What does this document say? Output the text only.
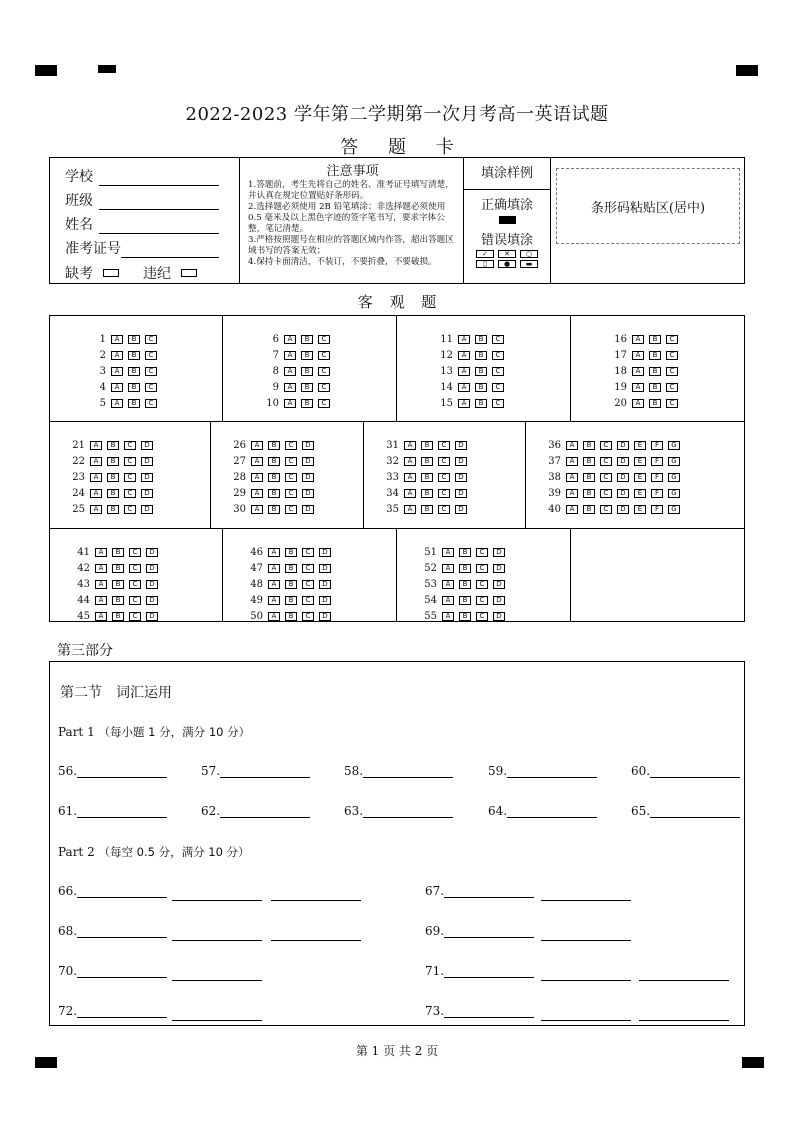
2022-2023 学年第二学期第一次月考高一英语试题
答 题 卡
学校
班级
姓名
准考证号
缺考	违纪
注意事项
1.答题前，考生先将自己的姓名、准考证号填写清楚，并认真在规定位置贴好条形码。
2.选择题必须使用 2B 铅笔填涂；非选择题必须使用 0.5 毫米及以上黑色字迹的签字笔书写，要求字体公整，笔记清楚。
3.严格按照题号在相应的答题区域内作答，超出答题区域书写的答案无效；
4.保持卡面清洁，不装订，不要折叠，不要破损。
填涂样例
正确填涂
错误填涂
✓	✕	○
▯	●	▬
条形码粘贴区(居中)
客 观 题
1	A	B	C
2	A	B	C
3	A	B	C
4	A	B	C
5	A	B	C
6	A	B	C
7	A	B	C
8	A	B	C
9	A	B	C
10	A	B	C
11	A	B	C
12	A	B	C
13	A	B	C
14	A	B	C
15	A	B	C
16	A	B	C
17	A	B	C
18	A	B	C
19	A	B	C
20	A	B	C
21	A	B	C	D
22	A	B	C	D
23	A	B	C	D
24	A	B	C	D
25	A	B	C	D
26	A	B	C	D
27	A	B	C	D
28	A	B	C	D
29	A	B	C	D
30	A	B	C	D
31	A	B	C	D
32	A	B	C	D
33	A	B	C	D
34	A	B	C	D
35	A	B	C	D
36	A	B	C	D	E	F	G
37	A	B	C	D	E	F	G
38	A	B	C	D	E	F	G
39	A	B	C	D	E	F	G
40	A	B	C	D	E	F	G
41	A	B	C	D
42	A	B	C	D
43	A	B	C	D
44	A	B	C	D
45	A	B	C	D
46	A	B	C	D
47	A	B	C	D
48	A	B	C	D
49	A	B	C	D
50	A	B	C	D
51	A	B	C	D
52	A	B	C	D
53	A	B	C	D
54	A	B	C	D
55	A	B	C	D
第三部分
第二节　词汇运用
Part 1 （每小题 1 分，满分 10 分）
Part 2 （每空 0.5 分，满分 10 分）
56.	57.	58.	59.	60.
61.	62.	63.	64.	65.
66.	67.
68.	69.
70.	71.
72.	73.
第 1 页 共 2 页
